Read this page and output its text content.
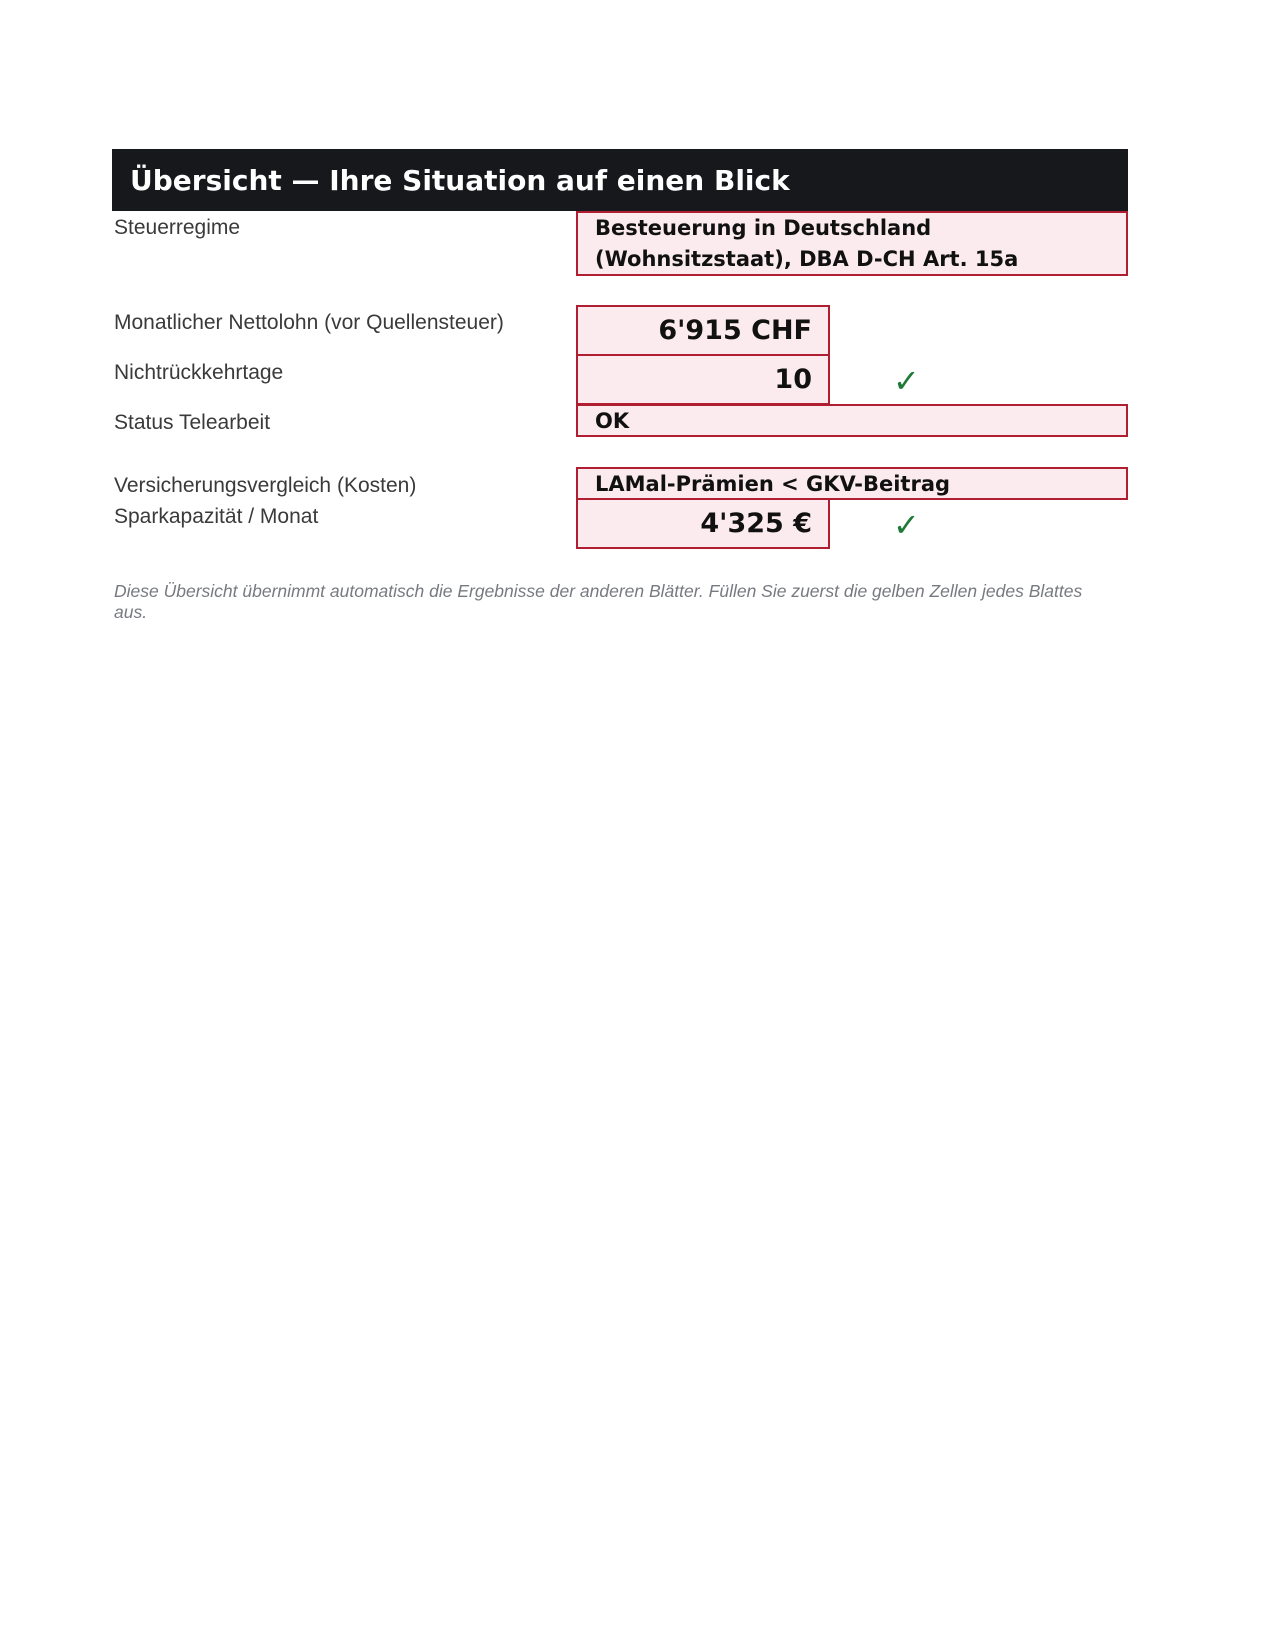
Übersicht — Ihre Situation auf einen Blick
Steuerregime	Besteuerung in Deutschland
(Wohnsitzstaat), DBA D-CH Art. 15a
Monatlicher Nettolohn (vor Quellensteuer)	6'915 CHF
Nichtrückkehrtage	10	✓
Status Telearbeit	OK
Versicherungsvergleich (Kosten)	LAMal-Prämien < GKV-Beitrag
Sparkapazität / Monat	4'325 €	✓
Diese Übersicht übernimmt automatisch die Ergebnisse der anderen Blätter. Füllen Sie zuerst die gelben Zellen jedes Blattes aus.
